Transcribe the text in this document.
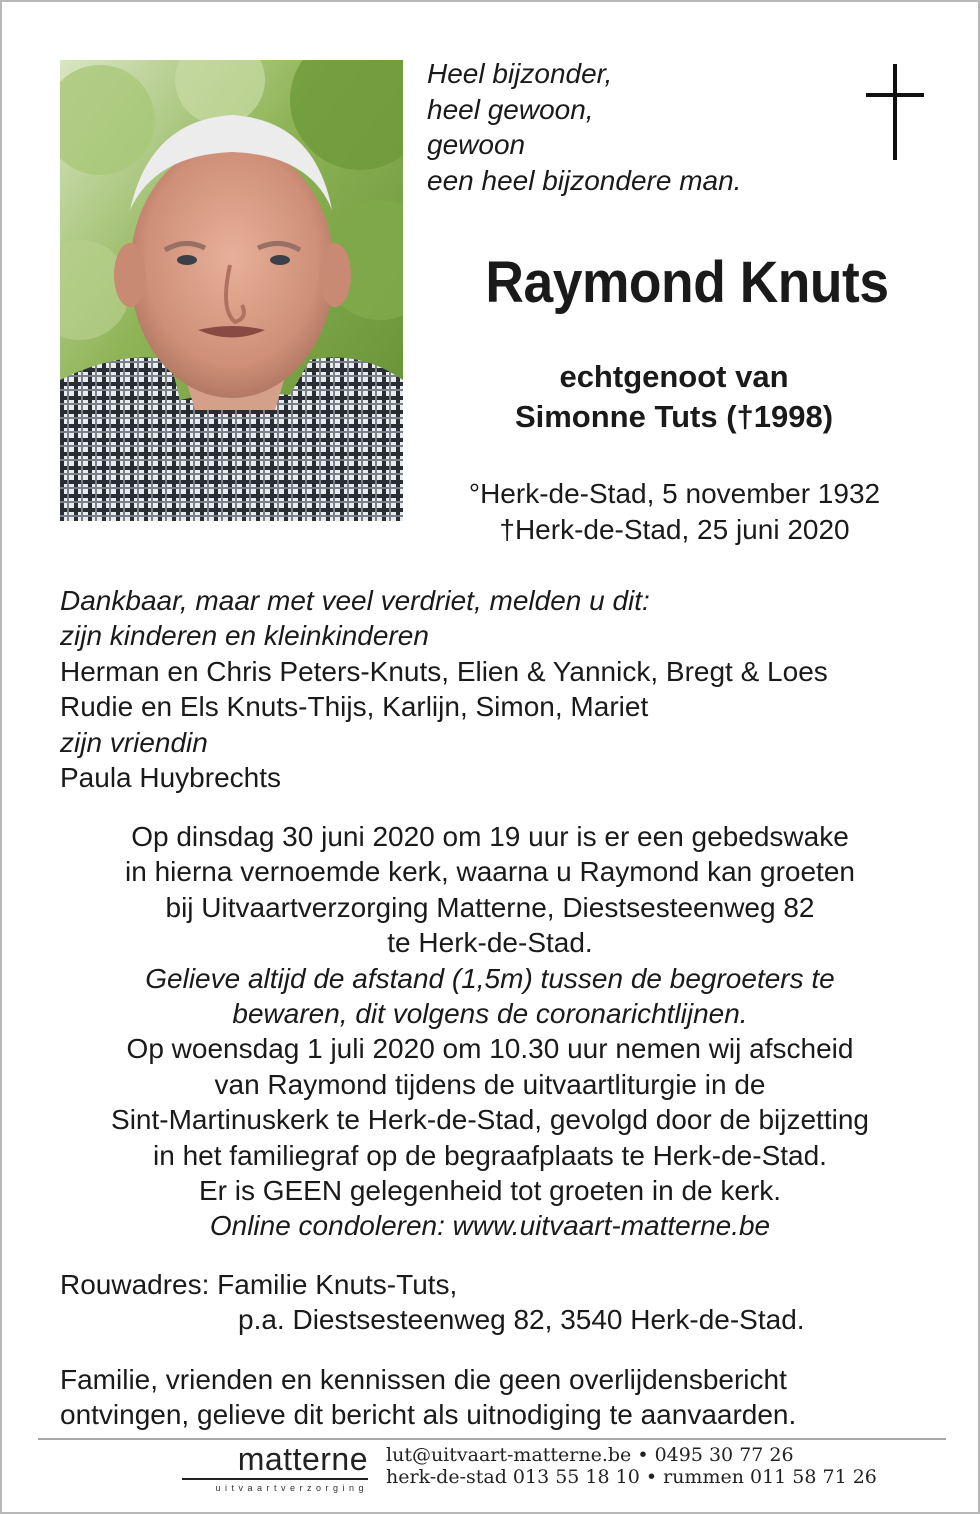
Heel bijzonder,
heel gewoon,
gewoon
een heel bijzondere man.
Raymond Knuts
echtgenoot van
Simonne Tuts (†1998)
°Herk-de-Stad, 5 november 1932
†Herk-de-Stad, 25 juni 2020
Dankbaar, maar met veel verdriet, melden u dit:
zijn kinderen en kleinkinderen
Herman en Chris Peters-Knuts, Elien & Yannick, Bregt & Loes
Rudie en Els Knuts-Thijs, Karlijn, Simon, Mariet
zijn vriendin
Paula Huybrechts
Op dinsdag 30 juni 2020 om 19 uur is er een gebedswake
in hierna vernoemde kerk, waarna u Raymond kan groeten
bij Uitvaartverzorging Matterne, Diestsesteenweg 82
te Herk-de-Stad.
Gelieve altijd de afstand (1,5m) tussen de begroeters te
bewaren, dit volgens de coronarichtlijnen.
Op woensdag 1 juli 2020 om 10.30 uur nemen wij afscheid
van Raymond tijdens de uitvaartliturgie in de
Sint-Martinuskerk te Herk-de-Stad, gevolgd door de bijzetting
in het familiegraf op de begraafplaats te Herk-de-Stad.
Er is GEEN gelegenheid tot groeten in de kerk.
Online condoleren: www.uitvaart-matterne.be
Rouwadres: Familie Knuts-Tuts,
p.a. Diestsesteenweg 82, 3540 Herk-de-Stad.
Familie, vrienden en kennissen die geen overlijdensbericht
ontvingen, gelieve dit bericht als uitnodiging te aanvaarden.
matterne
uitvaartverzorging
lut@uitvaart-matterne.be • 0495 30 77 26
herk-de-stad 013 55 18 10 • rummen 011 58 71 26
